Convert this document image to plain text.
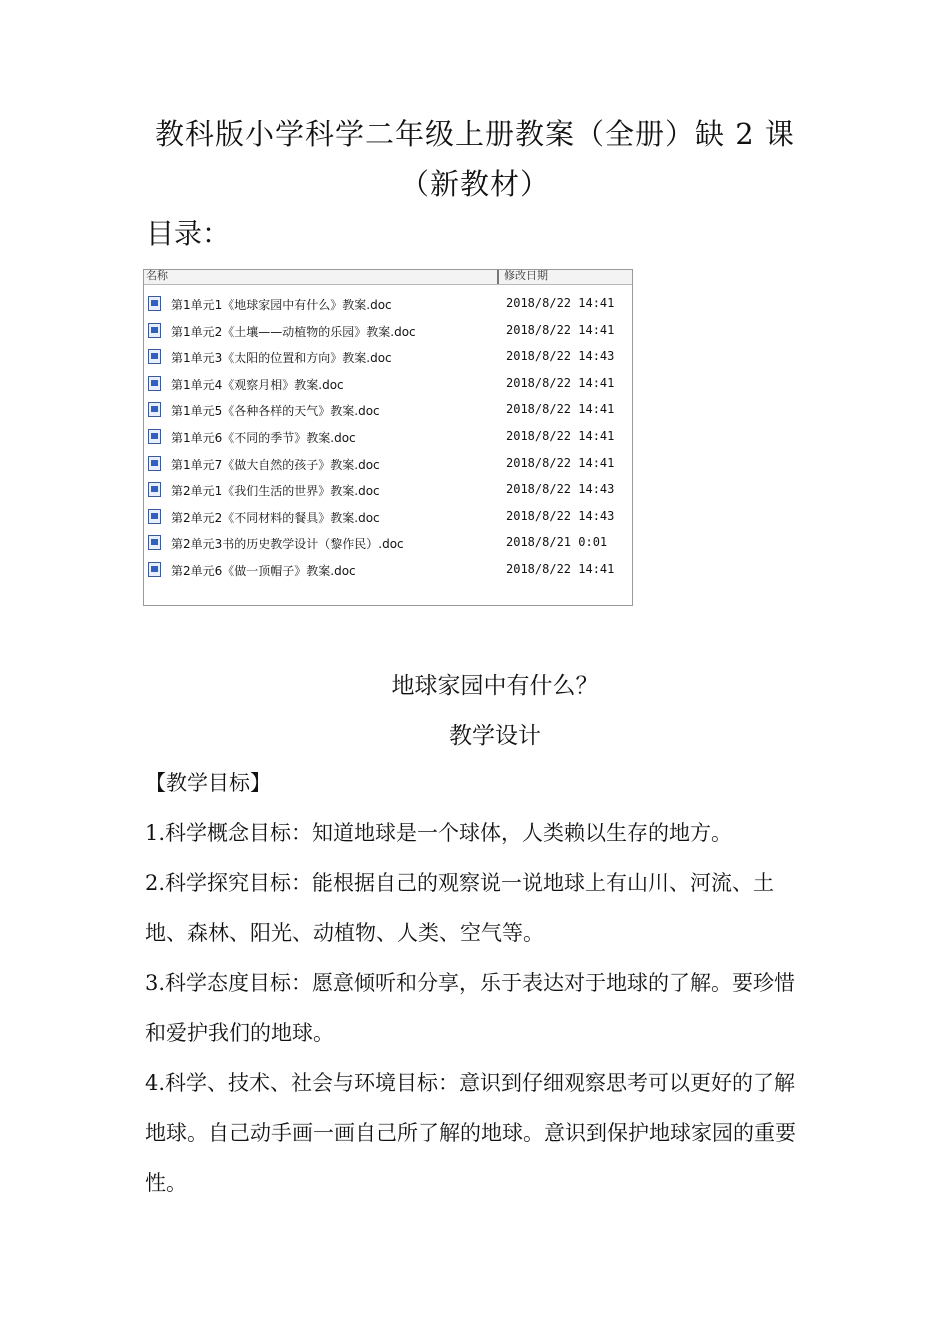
教科版小学科学二年级上册教案（全册）缺 2 课
（新教材）
目录：
名称	修改日期
第1单元1《地球家园中有什么》教案.doc	2018/8/22 14:41
第1单元2《土壤——动植物的乐园》教案.doc	2018/8/22 14:41
第1单元3《太阳的位置和方向》教案.doc	2018/8/22 14:43
第1单元4《观察月相》教案.doc	2018/8/22 14:41
第1单元5《各种各样的天气》教案.doc	2018/8/22 14:41
第1单元6《不同的季节》教案.doc	2018/8/22 14:41
第1单元7《做大自然的孩子》教案.doc	2018/8/22 14:41
第2单元1《我们生活的世界》教案.doc	2018/8/22 14:43
第2单元2《不同材料的餐具》教案.doc	2018/8/22 14:43
第2单元3书的历史教学设计（黎作民）.doc	2018/8/21 0:01
第2单元6《做一顶帽子》教案.doc	2018/8/22 14:41
地球家园中有什么？
教学设计
【教学目标】
1.科学概念目标：知道地球是一个球体，人类赖以生存的地方。
2.科学探究目标：能根据自己的观察说一说地球上有山川、河流、土地、森林、阳光、动植物、人类、空气等。
3.科学态度目标：愿意倾听和分享，乐于表达对于地球的了解。要珍惜和爱护我们的地球。
4.科学、技术、社会与环境目标：意识到仔细观察思考可以更好的了解地球。自己动手画一画自己所了解的地球。意识到保护地球家园的重要性。
